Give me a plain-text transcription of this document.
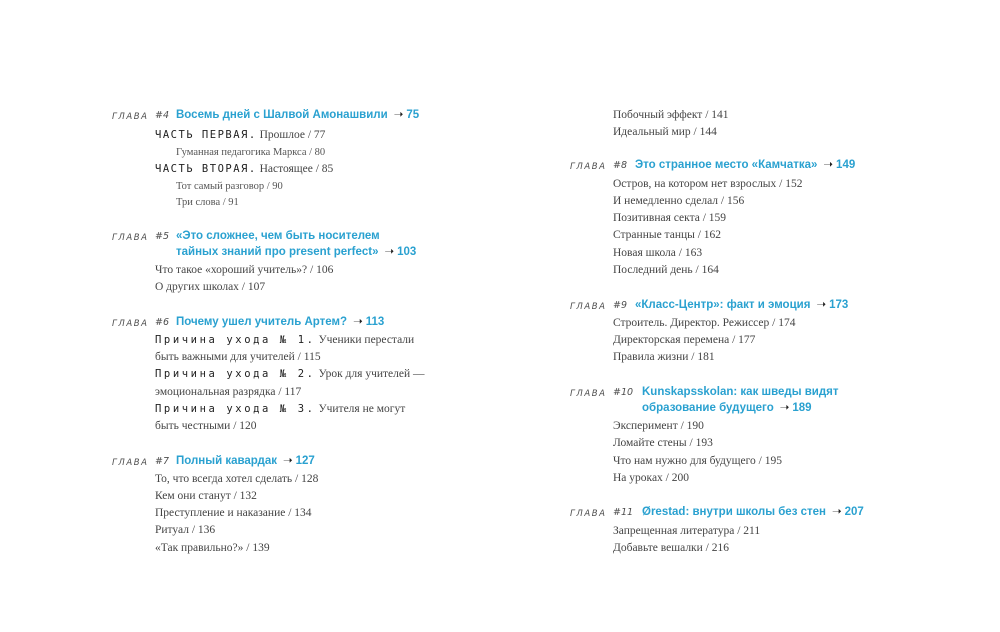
ГЛАВА #4 Восемь дней с Шалвой Амонашвили ➝ 75
ЧАСТЬ ПЕРВАЯ. Прошлое / 77
Гуманная педагогика Маркса / 80
ЧАСТЬ ВТОРАЯ. Настоящее / 85
Тот самый разговор / 90
Три слова / 91
ГЛАВА #5 «Это сложнее, чем быть носителем
тайных знаний про present perfect» ➝ 103
Что такое «хороший учитель»? / 106
О других школах / 107
ГЛАВА #6 Почему ушел учитель Артем? ➝ 113
Причина ухода № 1. Ученики перестали
быть важными для учителей / 115
Причина ухода № 2. Урок для учителей —
эмоциональная разрядка / 117
Причина ухода № 3. Учителя не могут
быть честными / 120
ГЛАВА #7 Полный кавардак ➝ 127
То, что всегда хотел сделать / 128
Кем они станут / 132
Преступление и наказание / 134
Ритуал / 136
«Так правильно?» / 139
Побочный эффект / 141
Идеальный мир / 144
ГЛАВА #8 Это странное место «Камчатка» ➝ 149
Остров, на котором нет взрослых / 152
И немедленно сделал / 156
Позитивная секта / 159
Странные танцы / 162
Новая школа / 163
Последний день / 164
ГЛАВА #9 «Класс-Центр»: факт и эмоция ➝ 173
Строитель. Директор. Режиссер / 174
Директорская перемена / 177
Правила жизни / 181
ГЛАВА #10 Kunskapsskolan: как шведы видят
образование будущего ➝ 189
Эксперимент / 190
Ломайте стены / 193
Что нам нужно для будущего / 195
На уроках / 200
ГЛАВА #11 Ørestad: внутри школы без стен ➝ 207
Запрещенная литература / 211
Добавьте вешалки / 216
